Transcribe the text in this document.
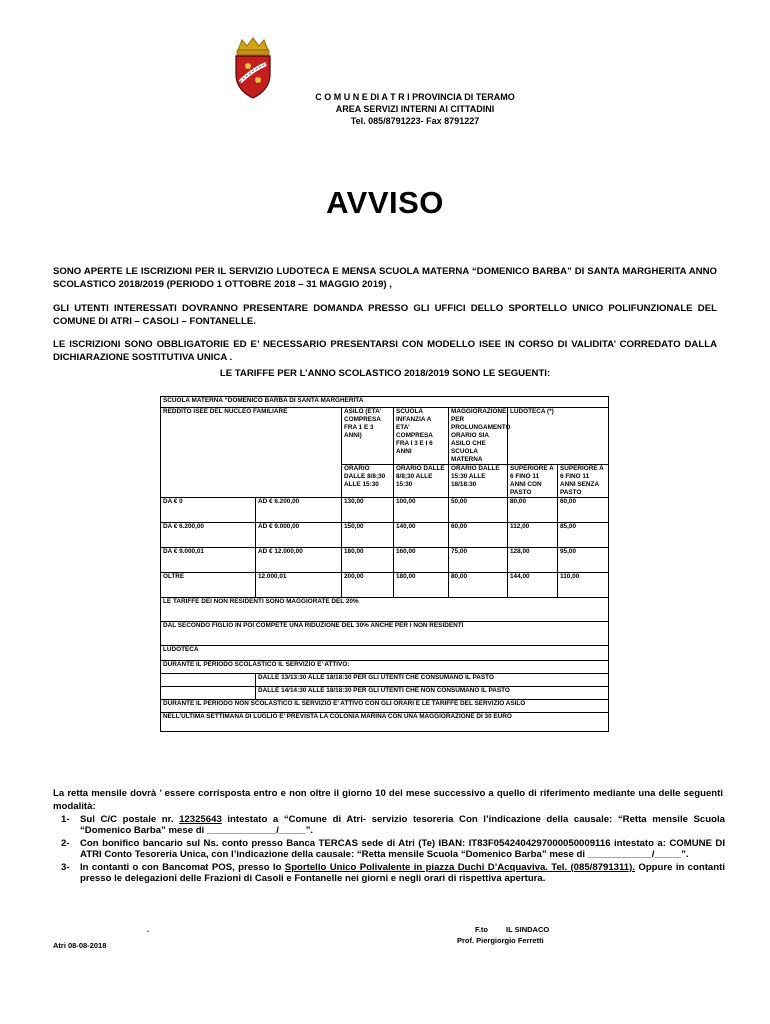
C O M U N E DI A T R I PROVINCIA DI TERAMO
AREA SERVIZI INTERNI AI CITTADINI
Tel. 085/8791223- Fax 8791227
AVVISO
SONO APERTE LE ISCRIZIONI PER IL SERVIZIO LUDOTECA E MENSA SCUOLA MATERNA “DOMENICO BARBA” DI SANTA MARGHERITA ANNO SCOLASTICO 2018/2019 (PERIODO 1 OTTOBRE 2018 – 31 MAGGIO 2019) ,
GLI UTENTI INTERESSATI DOVRANNO PRESENTARE DOMANDA PRESSO GLI UFFICI DELLO SPORTELLO UNICO POLIFUNZIONALE DEL COMUNE DI ATRI – CASOLI – FONTANELLE.
LE ISCRIZIONI SONO OBBLIGATORIE ED E’ NECESSARIO PRESENTARSI CON MODELLO ISEE IN CORSO DI VALIDITA’ CORREDATO DALLA DICHIARAZIONE SOSTITUTIVA UNICA .
LE TARIFFE PER L’ANNO SCOLASTICO 2018/2019 SONO LE SEGUENTI:
SCUOLA MATERNA “DOMENICO BARBA DI SANTA MARGHERITA						
REDDITO ISEE DEL NUCLEO FAMILIARE		ASILO (ETA’ COMPRESA FRA 1 E 3 ANNI)	SCUOLA INFANZIA A ETA’ COMPRESA FRA I 3 E I 6 ANNI	MAGGIORAZIONE PER PROLUNGAMENTO ORARIO SIA ASILO CHE SCUOLA MATERNA	LUDOTECA (*)	
		ORARIO DALLE 8/8;30 ALLE 15:30	ORARIO DALLE 8/8;30 ALLE 15:30	ORARIO DALLE 15:30 ALLE 18/18:30	SUPERIORE A 6 FINO 11 ANNI CON PASTO	SUPERIORE A 6 FINO 11 ANNI SENZA PASTO
DA € 0	AD € 6.200,00	130,00	100,00	50,00	80,00	60,00
DA € 6.200,00	AD € 9.000,00	150,00	140,00	60,00	112,00	85,00
DA € 9.000,01	AD € 12.000,00	180,00	160,00	75,00	128,00	95,00
OLTRE	12.000,01	200,00	180,00	80,00	144,00	110,00
LE TARIFFE DEI NON RESIDENTI SONO MAGGIORATE DEL 20%						
DAL SECONDO FIGLIO IN POI COMPETE UNA RIDUZIONE DEL 30% ANCHE PER I NON RESIDENTI						
LUDOTECA						
DURANTE IL PERIODO SCOLASTICO IL SERVIZIO E’ ATTIVO:						
	DALLE 13/13:30 ALLE 18/18:30 PER GLI UTENTI CHE CONSUMANO IL PASTO					
	DALLE 14/14:30 ALLE 18/18:30 PER GLI UTENTI CHE NON CONSUMANO IL PASTO					
DURANTE IL PERIODO NON SCOLASTICO IL SERVIZIO E’ ATTIVO CON GLI ORARI E LE TARIFFE DEL SERVIZIO ASILO						
NELL’ULTIMA SETTIMANA DI LUGLIO E’ PREVISTA LA COLONIA MARINA CON UNA MAGGIORAZIONE DI 30 EURO						
La retta mensile dovrà ’ essere corrisposta entro e non oltre il giorno 10 del mese successivo a quello di riferimento mediante una delle seguenti modalità:
1- Sul C/C postale nr. 12325643 intestato a “Comune di Atri- servizio tesoreria Con l’indicazione della causale: “Retta mensile Scuola “Domenico Barba” mese di _____________/_____”.
2- Con bonifico bancario sul Ns. conto presso Banca TERCAS sede di Atri (Te) IBAN: IT83F0542404297000050009116 intestato a: COMUNE DI ATRI Conto Tesoreria Unica, con l’indicazione della causale: “Retta mensile Scuola “Domenico Barba” mese di ____________/_____”.
3- In contanti o con Bancomat POS, presso lo Sportello Unico Polivalente in piazza Duchi D’Acquaviva. Tel. (085/8791311). Oppure in contanti presso le delegazioni delle Frazioni di Casoli e Fontanelle nei giorni e negli orari di rispettiva apertura.
.	F.to IL SINDACO
Prof. Piergiorgio Ferretti
Atri 08-08-2018
